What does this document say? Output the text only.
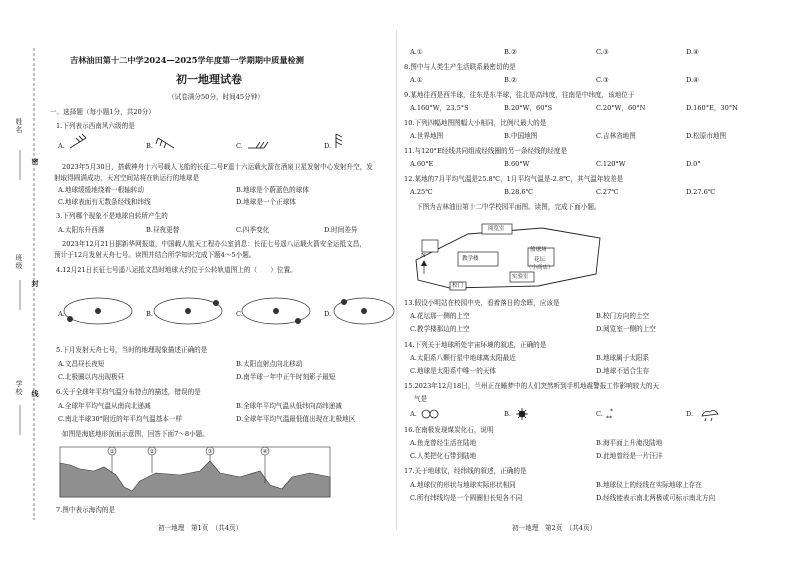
姓名
班级
学校
密
封
线
吉林油田第十二中学2024—2025学年度第一学期期中质量检测
初一地理试卷
（试卷满分50分，时间45分钟）
一、选择题（每小题1分，共20分）
1.下列表示西南风六级的是
A.	B.	C.	D.
2023年5月30日，搭载神舟十六号载人飞船的长征二号F遥十六运载火箭在酒泉卫星发射中心发射升空，发
射取得圆满成功，天宫空间站将在轨运行的地球是
A.地球缓缓地绕着一根轴转动	B.地球是个蔚蓝色的球体
C.地球表面有无数条经线和纬线	D.地球是一个正球体
3.下列哪个现象不是地球自转所产生的
A.太阳东升西落	B.昼夜更替	C.四季变化	D.时间差异
2023年12月21日据新华网报道，中国载人航天工程办公室消息：长征七号遥八运载火箭安全运抵文昌，
预计于12月发射天舟七号。读图并结合所学知识完成下题4～5小题。
4.12月21日长征七号遥八运抵文昌时地球大约位于公转轨道图上的（　　）位置。
A.	B.	C.	D.
5.下月发射天舟七号，当时的地理现象描述正确的是
A.文昌昼长夜短	B.太阳直射点向北移动
C.北极圈以内出现极昼	D.南半球一年中正午时刻影子最短
6.关于全球年平均气温分布特点的描述，错误的是
A.全球年平均气温从南向北递减	B.全球年平均气温从低纬向高纬递减
C.南北半球30°附近的年平均气温基本一样	D.全球年平均气温最低值出现在北极地区
如图是海底地形剖面示意图，回答下面7～8小题。
①	②	③	④
7.图中表示海沟的是
初一地理　第1页　（共4页）
A.①	B.②	C.③	D.④
8.图中与人类生产生活联系最密切的是
A.①	B.②	C.③	D.④
9.某地往西是西半球，往东是东半球，往北是高纬度，往南是中纬度，该地位于
A.160°W，23.5°S	B.20°W，60°S	C.20°W，60°N	D.160°E，30°N
10.下列四幅地图图幅大小相同，比例尺最大的是
A.世界地图	B.中国地图	C.吉林省地图	D.松原市地图
11.与120°E经线共同组成经线圈的另一条经线的经度是
A.60°E	B.60°W	C.120°W	D.0°
12.某地的7月平均气温是25.8℃，1月平均气温是-2.8℃，其气温年较差是
A.25℃	B.28.6℃	C.27℃	D.27.6℃
下图为吉林油田第十二中学校园平面图。读图，完成下面小题。
阅览室
教学楼
篮球场
花坛
（小商店）
实验室
校门
N
13.假设小明站在校园中央，看着落日的余晖，应该是
A.花坛那一侧的上空	B.校门方向的上空
C.教学楼那边的上空	D.阅览室一侧的上空
14.下列关于地球所处宇宙环境的叙述，正确的是
A.太阳系八颗行星中地球离太阳最近	B.地球属于太阳系
C.地球是太阳系中唯一的天体	D.地球不适合生存
15.2023年12月18日，兰州正在睡梦中的人们突然听到手机地震警报工作影响较大的天
气是
A.	B.	C.	D.
*
**
16.在南极发现煤炭化石，说明
A.鱼龙曾经生活在陆地	B.海平面上升淹没陆地
C.人类把化石带到陆地	D.此地曾经是一片汪洋
17.关于地球仪，经纬线的叙述，正确的是
A.地球仪的形状与地球实际形状相同	B.地球仪上的经线在实际地球上存在
C.所有纬线均是一个圆圈但长短各不同	D.经线能表示南北两极或可标示南北方向
初一地理　第2页　（共4页）
